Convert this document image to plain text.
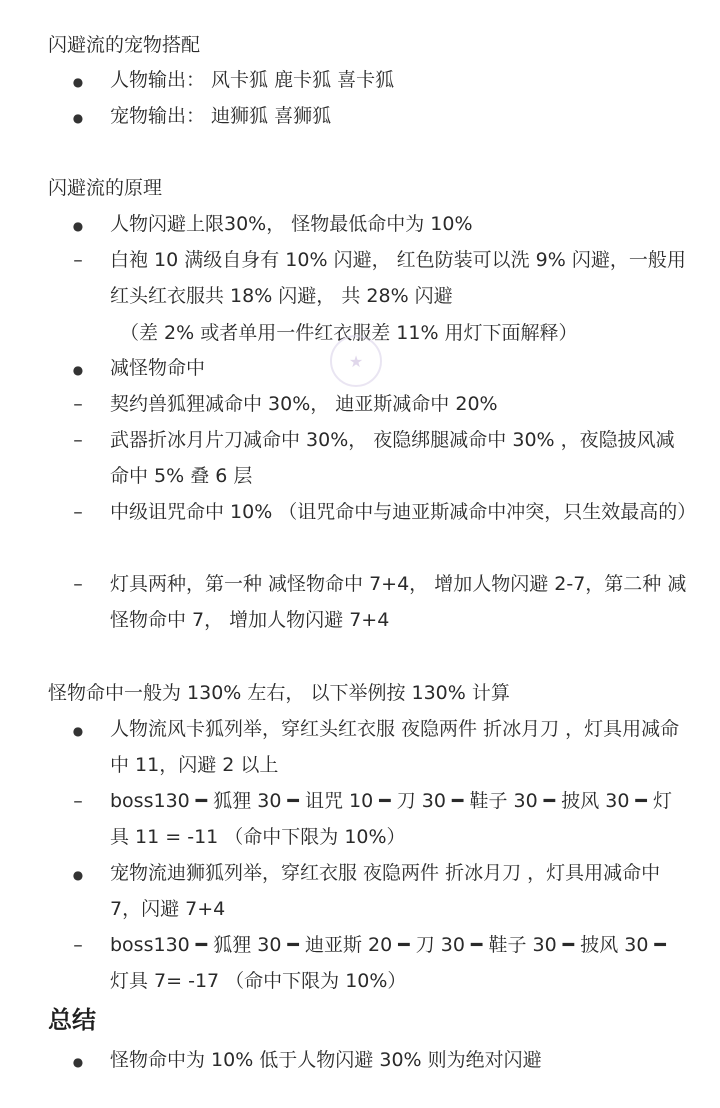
闪避流的宠物搭配
●
人物输出： 风卡狐 鹿卡狐 喜卡狐
●
宠物输出： 迪狮狐 喜狮狐
闪避流的原理
●
人物闪避上限30%， 怪物最低命中为 10%
–
白袍 10 满级自身有 10% 闪避， 红色防装可以洗 9% 闪避，一般用红头红衣服共 18% 闪避， 共 28% 闪避
（差 2% 或者单用一件红衣服差 11% 用灯下面解释）
★
●
减怪物命中
–
契约兽狐狸减命中 30%， 迪亚斯减命中 20%
–
武器折冰月片刀减命中 30%， 夜隐绑腿减命中 30% ，夜隐披风减命中 5% 叠 6 层
–
中级诅咒命中 10% （诅咒命中与迪亚斯减命中冲突，只生效最高的）
–
灯具两种，第一种 减怪物命中 7+4， 增加人物闪避 2-7，第二种 减怪物命中 7， 增加人物闪避 7+4
怪物命中一般为 130% 左右， 以下举例按 130% 计算
●
人物流风卡狐列举，穿红头红衣服 夜隐两件 折冰月刀 ，灯具用减命中 11，闪避 2 以上
–
boss130 ━ 狐狸 30 ━ 诅咒 10 ━ 刀 30 ━ 鞋子 30 ━ 披风 30 ━ 灯具 11 = -11 （命中下限为 10%）
●
宠物流迪狮狐列举，穿红衣服 夜隐两件 折冰月刀 ，灯具用减命中 7，闪避 7+4
–
boss130 ━ 狐狸 30 ━ 迪亚斯 20 ━ 刀 30 ━ 鞋子 30 ━ 披风 30 ━ 灯具 7= -17 （命中下限为 10%）
总结
●
怪物命中为 10% 低于人物闪避 30% 则为绝对闪避
